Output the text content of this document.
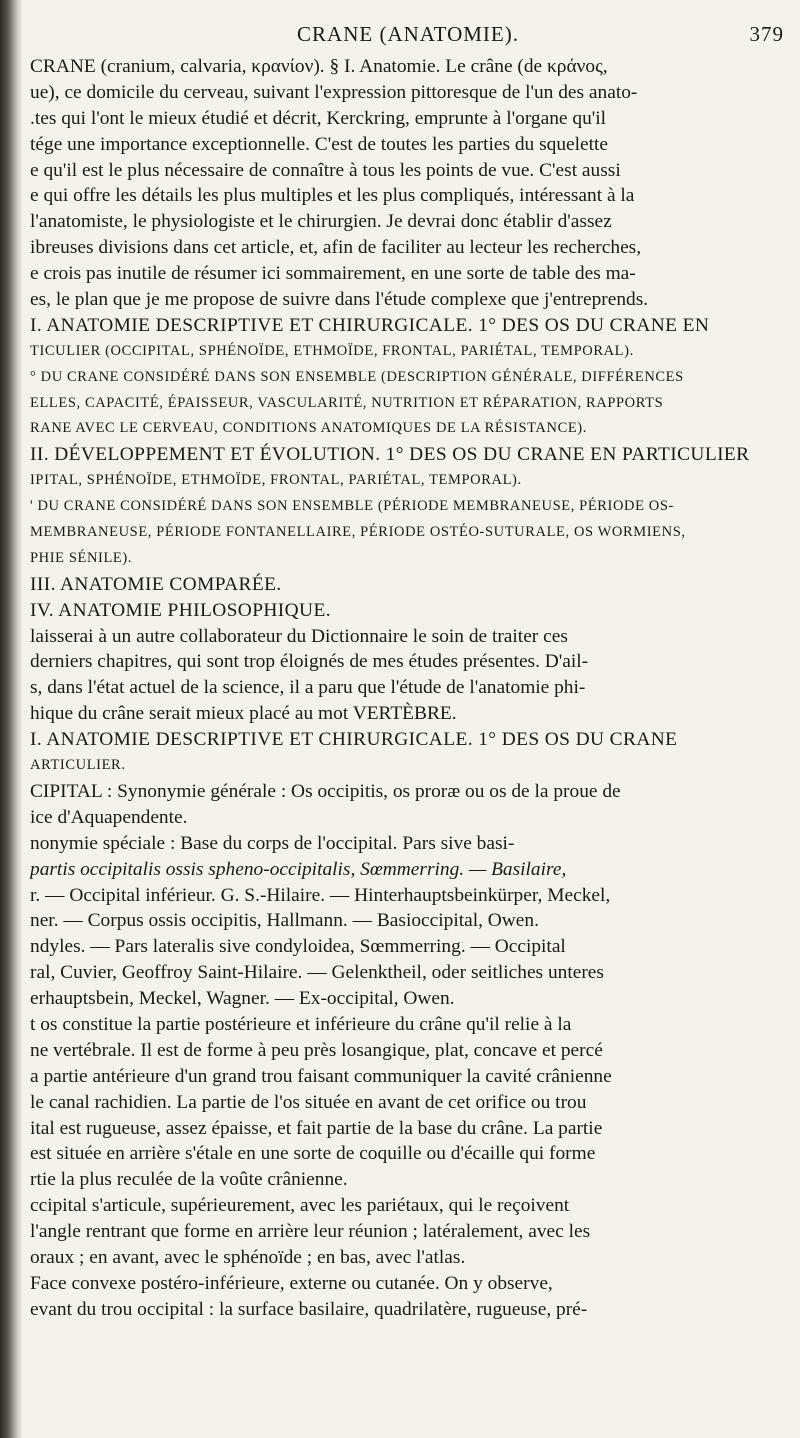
CRANE (ANATOMIE).	379
CRANE (cranium, calvaria, κρανίον). § I. Anatomie. Le crâne (de κράνος,
ue), ce domicile du cerveau, suivant l'expression pittoresque de l'un des anato-
.tes qui l'ont le mieux étudié et décrit, Kerckring, emprunte à l'organe qu'il
tége une importance exceptionnelle. C'est de toutes les parties du squelette
e qu'il est le plus nécessaire de connaître à tous les points de vue. C'est aussi
e qui offre les détails les plus multiples et les plus compliqués, intéressant à la
l'anatomiste, le physiologiste et le chirurgien. Je devrai donc établir d'assez
ibreuses divisions dans cet article, et, afin de faciliter au lecteur les recherches,
e crois pas inutile de résumer ici sommairement, en une sorte de table des ma-
es, le plan que je me propose de suivre dans l'étude complexe que j'entreprends.
I. ANATOMIE DESCRIPTIVE ET CHIRURGICALE. 1° DES OS DU CRANE EN
TICULIER (OCCIPITAL, SPHÉNOÏDE, ETHMOÏDE, FRONTAL, PARIÉTAL, TEMPORAL).
° DU CRANE CONSIDÉRÉ DANS SON ENSEMBLE (DESCRIPTION GÉNÉRALE, DIFFÉRENCES
ELLES, CAPACITÉ, ÉPAISSEUR, VASCULARITÉ, NUTRITION ET RÉPARATION, RAPPORTS
RANE AVEC LE CERVEAU, CONDITIONS ANATOMIQUES DE LA RÉSISTANCE).
II. DÉVELOPPEMENT ET ÉVOLUTION. 1° DES OS DU CRANE EN PARTICULIER
IPITAL, SPHÉNOÏDE, ETHMOÏDE, FRONTAL, PARIÉTAL, TEMPORAL).
' DU CRANE CONSIDÉRÉ DANS SON ENSEMBLE (PÉRIODE MEMBRANEUSE, PÉRIODE OS-
MEMBRANEUSE, PÉRIODE FONTANELLAIRE, PÉRIODE OSTÉO-SUTURALE, OS WORMIENS,
PHIE SÉNILE).
III. ANATOMIE COMPARÉE.
IV. ANATOMIE PHILOSOPHIQUE.
laisserai à un autre collaborateur du Dictionnaire le soin de traiter ces
derniers chapitres, qui sont trop éloignés de mes études présentes. D'ail-
s, dans l'état actuel de la science, il a paru que l'étude de l'anatomie phi-
hique du crâne serait mieux placé au mot VERTÈBRE.
I. ANATOMIE DESCRIPTIVE ET CHIRURGICALE. 1° DES OS DU CRANE
ARTICULIER.
CIPITAL : Synonymie générale : Os occipitis, os proræ ou os de la proue de
ice d'Aquapendente.
nonymie spéciale : Base du corps de l'occipital. Pars sive basi-
partis occipitalis ossis spheno-occipitalis, Sœmmerring. — Basilaire,
r. — Occipital inférieur. G. S.-Hilaire. — Hinterhauptsbeinkürper, Meckel,
ner. — Corpus ossis occipitis, Hallmann. — Basioccipital, Owen.
ndyles. — Pars lateralis sive condyloidea, Sœmmerring. — Occipital
ral, Cuvier, Geoffroy Saint-Hilaire. — Gelenktheil, oder seitliches unteres
erhauptsbein, Meckel, Wagner. — Ex-occipital, Owen.
t os constitue la partie postérieure et inférieure du crâne qu'il relie à la
ne vertébrale. Il est de forme à peu près losangique, plat, concave et percé
a partie antérieure d'un grand trou faisant communiquer la cavité crânienne
le canal rachidien. La partie de l'os située en avant de cet orifice ou trou
ital est rugueuse, assez épaisse, et fait partie de la base du crâne. La partie
est située en arrière s'étale en une sorte de coquille ou d'écaille qui forme
rtie la plus reculée de la voûte crânienne.
ccipital s'articule, supérieurement, avec les pariétaux, qui le reçoivent
l'angle rentrant que forme en arrière leur réunion ; latéralement, avec les
oraux ; en avant, avec le sphénoïde ; en bas, avec l'atlas.
Face convexe postéro-inférieure, externe ou cutanée. On y observe,
evant du trou occipital : la surface basilaire, quadrilatère, rugueuse, pré-
